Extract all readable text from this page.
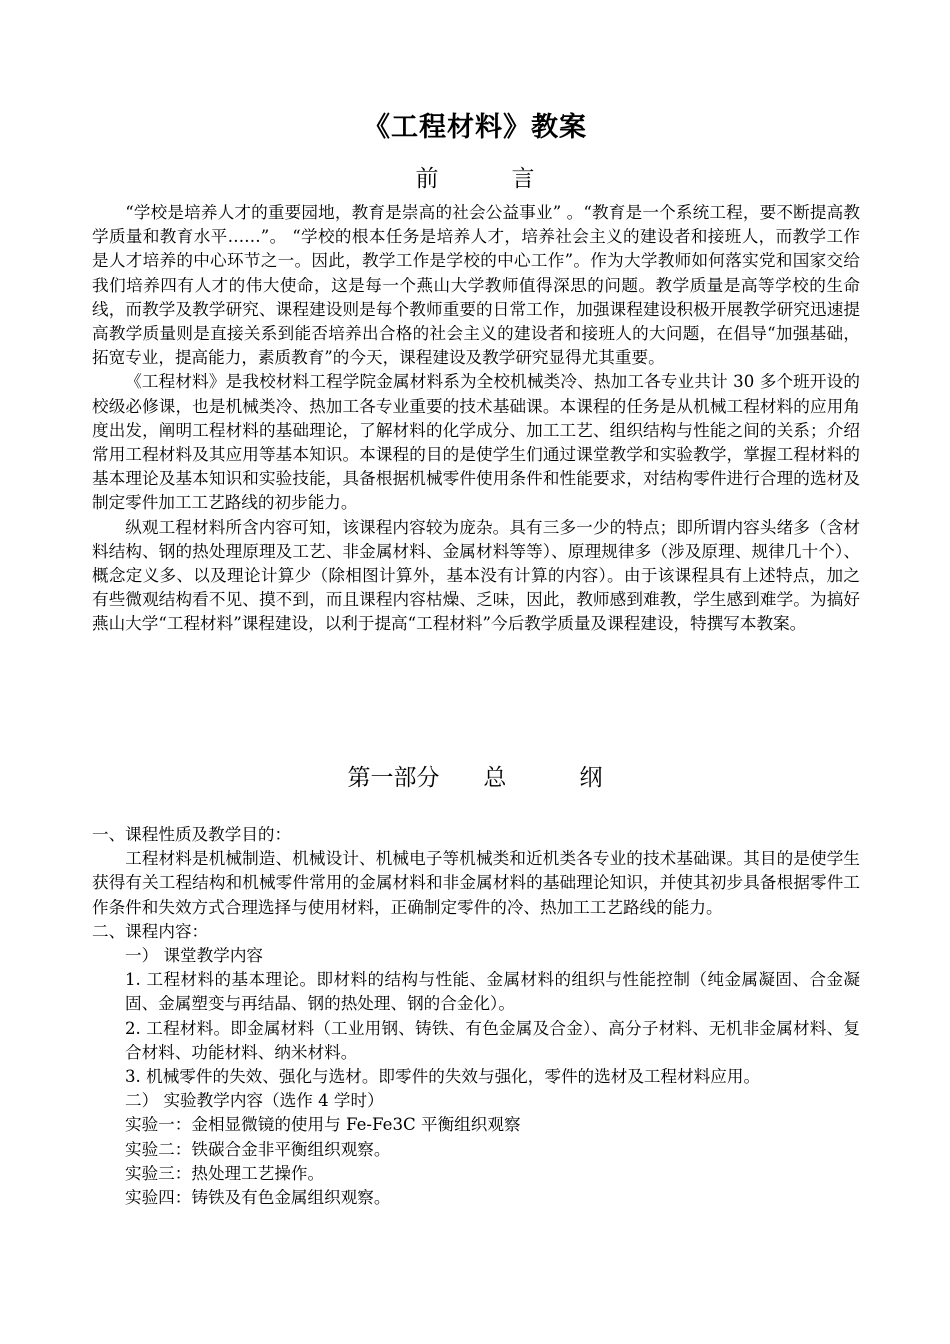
《工程材料》教案
前          言

“学校是培养人才的重要园地，教育是崇高的社会公益事业” 。“教育是一个系统工程，要不断提高教学质量和教育水平……”。 “学校的根本任务是培养人才，培养社会主义的建设者和接班人，而教学工作是人才培养的中心环节之一。因此，教学工作是学校的中心工作”。作为大学教师如何落实党和国家交给我们培养四有人才的伟大使命，这是每一个燕山大学教师值得深思的问题。教学质量是高等学校的生命线，而教学及教学研究、课程建设则是每个教师重要的日常工作，加强课程建设积极开展教学研究迅速提高教学质量则是直接关系到能否培养出合格的社会主义的建设者和接班人的大问题，在倡导“加强基础，拓宽专业，提高能力，素质教育”的今天，课程建设及教学研究显得尤其重要。

《工程材料》是我校材料工程学院金属材料系为全校机械类冷、热加工各专业共计 30 多个班开设的校级必修课，也是机械类冷、热加工各专业重要的技术基础课。本课程的任务是从机械工程材料的应用角度出发，阐明工程材料的基础理论，了解材料的化学成分、加工工艺、组织结构与性能之间的关系；介绍常用工程材料及其应用等基本知识。本课程的目的是使学生们通过课堂教学和实验教学，掌握工程材料的基本理论及基本知识和实验技能，具备根据机械零件使用条件和性能要求，对结构零件进行合理的选材及制定零件加工工艺路线的初步能力。

纵观工程材料所含内容可知，该课程内容较为庞杂。具有三多一少的特点；即所谓内容头绪多（含材料结构、钢的热处理原理及工艺、非金属材料、金属材料等等）、原理规律多（涉及原理、规律几十个）、概念定义多、以及理论计算少（除相图计算外，基本没有计算的内容）。由于该课程具有上述特点，加之有些微观结构看不见、摸不到，而且课程内容枯燥、乏味，因此，教师感到难教，学生感到难学。为搞好燕山大学“工程材料”课程建设，以利于提高“工程材料”今后教学质量及课程建设，特撰写本教案。

第一部分      总          纲

一、课程性质及教学目的：

工程材料是机械制造、机械设计、机械电子等机械类和近机类各专业的技术基础课。其目的是使学生获得有关工程结构和机械零件常用的金属材料和非金属材料的基础理论知识，并使其初步具备根据零件工作条件和失效方式合理选择与使用材料，正确制定零件的冷、热加工工艺路线的能力。

二、课程内容：

一） 课堂教学内容

1. 工程材料的基本理论。即材料的结构与性能、金属材料的组织与性能控制（纯金属凝固、合金凝固、金属塑变与再结晶、钢的热处理、钢的合金化）。

2. 工程材料。即金属材料（工业用钢、铸铁、有色金属及合金）、高分子材料、无机非金属材料、复合材料、功能材料、纳米材料。

3. 机械零件的失效、强化与选材。即零件的失效与强化，零件的选材及工程材料应用。

二） 实验教学内容（选作 4 学时）

实验一：金相显微镜的使用与 Fe-Fe3C 平衡组织观察

实验二：铁碳合金非平衡组织观察。

实验三：热处理工艺操作。

实验四：铸铁及有色金属组织观察。
